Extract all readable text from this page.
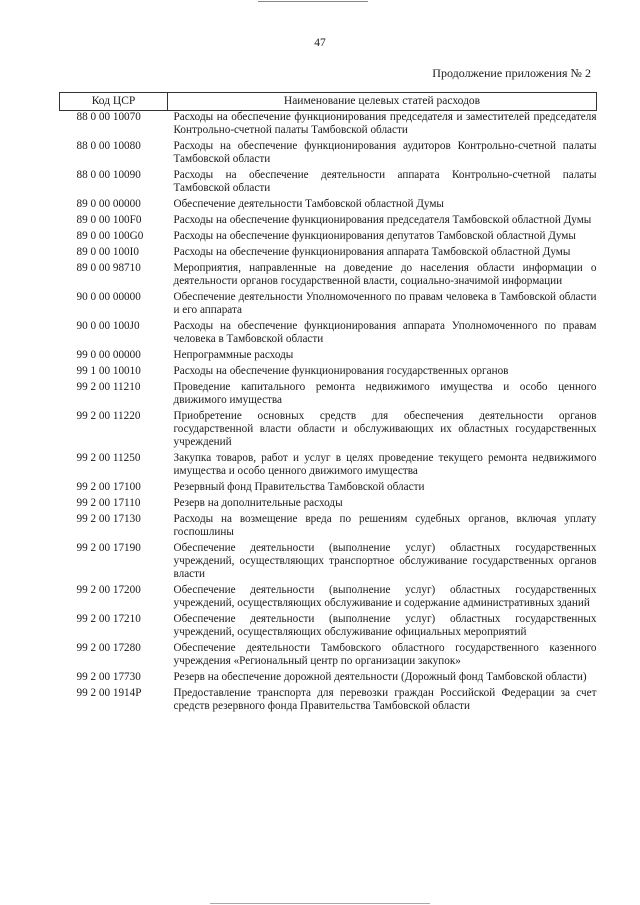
47
Продолжение приложения № 2
Код ЦСР	Наименование целевых статей расходов
88 0 00 10070	Расходы на обеспечение функционирования председателя и заместителей председателя Контрольно-счетной палаты Тамбовской области
88 0 00 10080	Расходы на обеспечение функционирования аудиторов Контрольно-счетной палаты Тамбовской области
88 0 00 10090	Расходы на обеспечение деятельности аппарата Контрольно-счетной палаты Тамбовской области
89 0 00 00000	Обеспечение деятельности Тамбовской областной Думы
89 0 00 100F0	Расходы на обеспечение функционирования председателя Тамбовской областной Думы
89 0 00 100G0	Расходы на обеспечение функционирования депутатов Тамбовской областной Думы
89 0 00 100I0	Расходы на обеспечение функционирования аппарата Тамбовской областной Думы
89 0 00 98710	Мероприятия, направленные на доведение до населения области информации о деятельности органов государственной власти, социально-значимой информации
90 0 00 00000	Обеспечение деятельности Уполномоченного по правам человека в Тамбовской области и его аппарата
90 0 00 100J0	Расходы на обеспечение функционирования аппарата Уполномоченного по правам человека в Тамбовской области
99 0 00 00000	Непрограммные расходы
99 1 00 10010	Расходы на обеспечение функционирования государственных органов
99 2 00 11210	Проведение капитального ремонта недвижимого имущества и особо ценного движимого имущества
99 2 00 11220	Приобретение основных средств для обеспечения деятельности органов государственной власти области и обслуживающих их областных государственных учреждений
99 2 00 11250	Закупка товаров, работ и услуг в целях проведение текущего ремонта недвижимого имущества и особо ценного движимого имущества
99 2 00 17100	Резервный фонд Правительства Тамбовской области
99 2 00 17110	Резерв на дополнительные расходы
99 2 00 17130	Расходы на возмещение вреда по решениям судебных органов, включая уплату госпошлины
99 2 00 17190	Обеспечение деятельности (выполнение услуг) областных государственных учреждений, осуществляющих транспортное обслуживание государственных органов власти
99 2 00 17200	Обеспечение деятельности (выполнение услуг) областных государственных учреждений, осуществляющих обслуживание и содержание административных зданий
99 2 00 17210	Обеспечение деятельности (выполнение услуг) областных государственных учреждений, осуществляющих обслуживание официальных мероприятий
99 2 00 17280	Обеспечение деятельности Тамбовского областного государственного казенного учреждения «Региональный центр по организации закупок»
99 2 00 17730	Резерв на обеспечение дорожной деятельности (Дорожный фонд Тамбовской области)
99 2 00 1914P	Предоставление транспорта для перевозки граждан Российской Федерации за счет средств резервного фонда Правительства Тамбовской области
